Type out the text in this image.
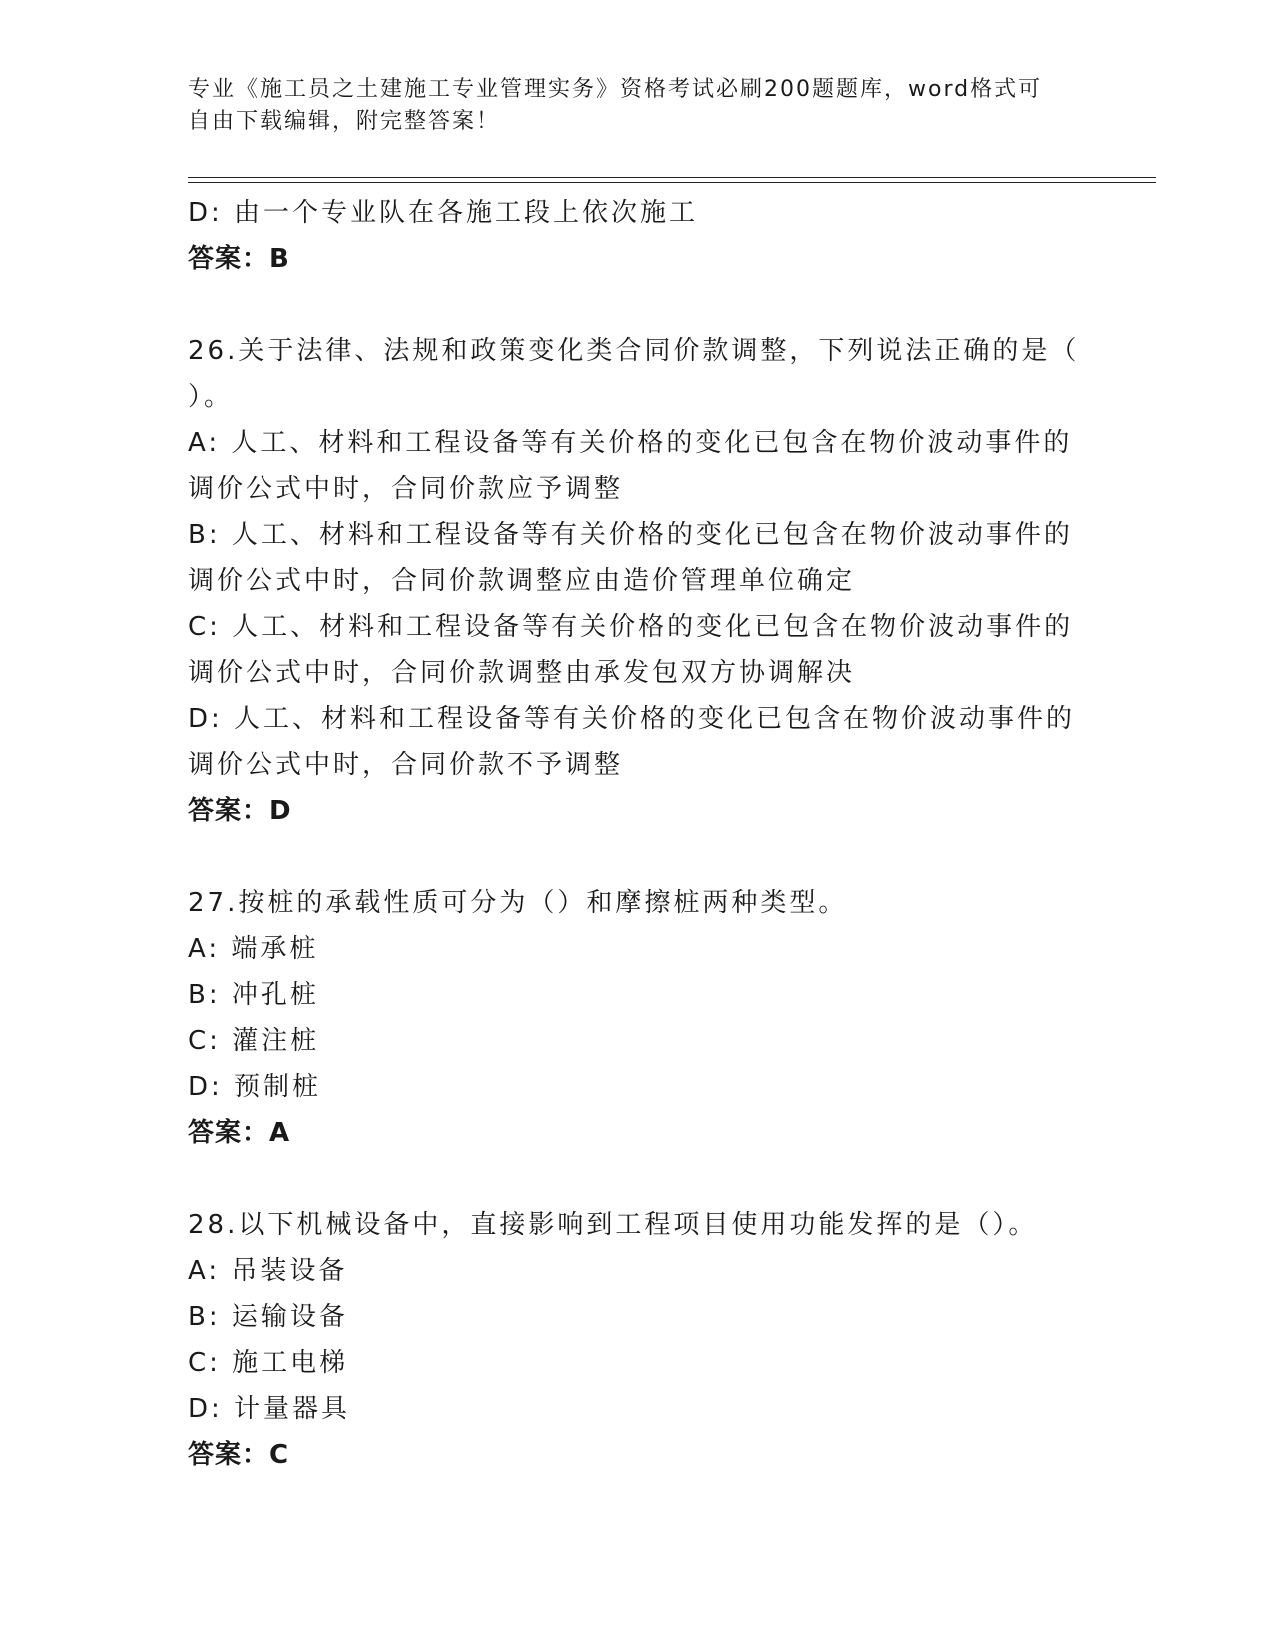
专业《施工员之土建施工专业管理实务》资格考试必刷200题题库，word格式可
自由下载编辑，附完整答案！
D: 由一个专业队在各施工段上依次施工
答案：B
26.关于法律、法规和政策变化类合同价款调整，下列说法正确的是（
）。
A: 人工、材料和工程设备等有关价格的变化已包含在物价波动事件的
调价公式中时，合同价款应予调整
B: 人工、材料和工程设备等有关价格的变化已包含在物价波动事件的
调价公式中时，合同价款调整应由造价管理单位确定
C: 人工、材料和工程设备等有关价格的变化已包含在物价波动事件的
调价公式中时，合同价款调整由承发包双方协调解决
D: 人工、材料和工程设备等有关价格的变化已包含在物价波动事件的
调价公式中时，合同价款不予调整
答案：D
27.按桩的承载性质可分为（）和摩擦桩两种类型。
A: 端承桩
B: 冲孔桩
C: 灌注桩
D: 预制桩
答案：A
28.以下机械设备中，直接影响到工程项目使用功能发挥的是（）。
A: 吊装设备
B: 运输设备
C: 施工电梯
D: 计量器具
答案：C
